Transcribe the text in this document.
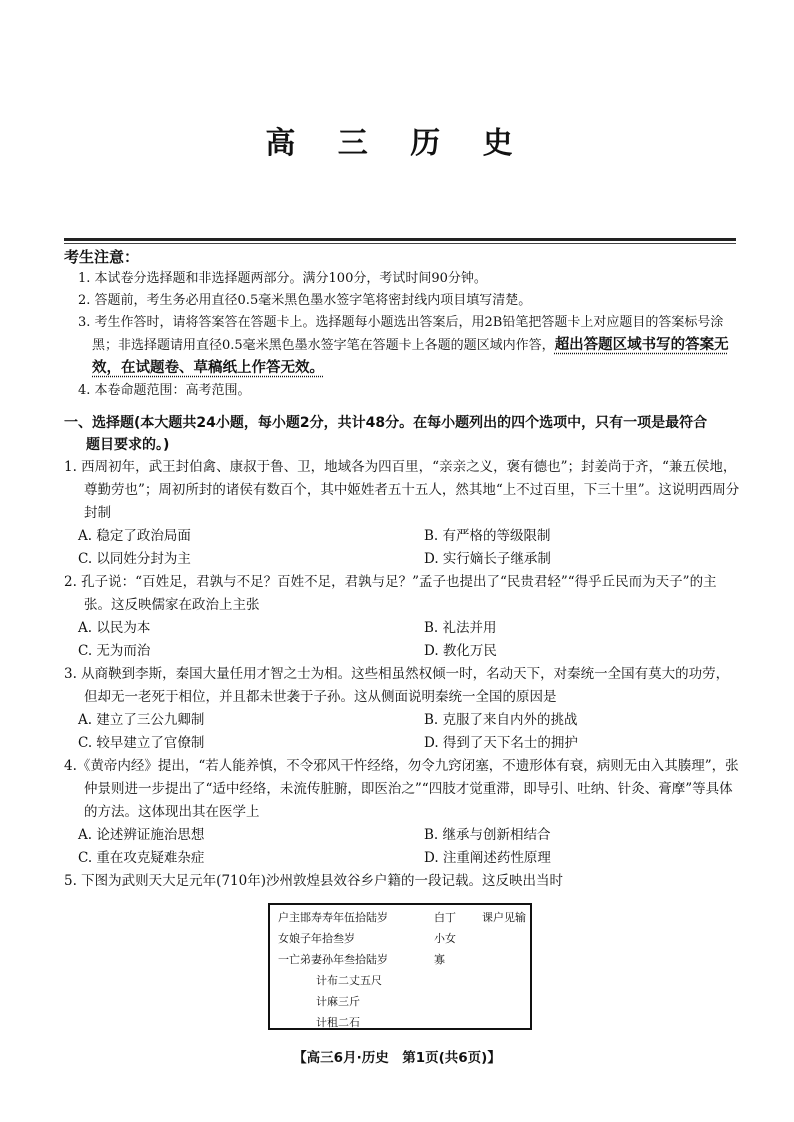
高 三 历 史
考生注意：
1. 本试卷分选择题和非选择题两部分。满分100分，考试时间90分钟。
2. 答题前，考生务必用直径0.5毫米黑色墨水签字笔将密封线内项目填写清楚。
3. 考生作答时，请将答案答在答题卡上。选择题每小题选出答案后，用2B铅笔把答题卡上对应题目的答案标号涂黑；非选择题请用直径0.5毫米黑色墨水签字笔在答题卡上各题的题区域内作答，超出答题区域书写的答案无效，在试题卷、草稿纸上作答无效。
4. 本卷命题范围：高考范围。
一、选择题(本大题共24小题，每小题2分，共计48分。在每小题列出的四个选项中，只有一项是最符合
题目要求的。)
1. 西周初年，武王封伯禽、康叔于鲁、卫，地域各为四百里，“亲亲之义，褒有德也”；封姜尚于齐，“兼五侯地，尊勤劳也”；周初所封的诸侯有数百个，其中姬姓者五十五人，然其地“上不过百里，下三十里”。这说明西周分封制
A. 稳定了政治局面	B. 有严格的等级限制
C. 以同姓分封为主	D. 实行嫡长子继承制
2. 孔子说：“百姓足，君孰与不足？百姓不足，君孰与足？”孟子也提出了“民贵君轻”“得乎丘民而为天子”的主张。这反映儒家在政治上主张
A. 以民为本	B. 礼法并用
C. 无为而治	D. 教化万民
3. 从商鞅到李斯，秦国大量任用才智之士为相。这些相虽然权倾一时，名动天下，对秦统一全国有莫大的功劳，但却无一老死于相位，并且都未世袭于子孙。这从侧面说明秦统一全国的原因是
A. 建立了三公九卿制	B. 克服了来自内外的挑战
C. 较早建立了官僚制	D. 得到了天下名士的拥护
4.《黄帝内经》提出，“若人能养慎，不令邪风干忤经络，勿令九窍闭塞，不遗形体有衰，病则无由入其腠理”，张仲景则进一步提出了“适中经络，未流传脏腑，即医治之”“四肢才觉重滞，即导引、吐纳、针灸、膏摩”等具体的方法。这体现出其在医学上
A. 论述辨证施治思想	B. 继承与创新相结合
C. 重在攻克疑难杂症	D. 注重阐述药性原理
5. 下图为武则天大足元年(710年)沙州敦煌县效谷乡户籍的一段记载。这反映出当时
户主邯寿寿年伍拾陆岁	白丁 课户见输
女娘子年拾叁岁	小女
一亡弟妻孙年叁拾陆岁	寡
计布二丈五尺
计麻三斤
计租二石
【高三6月·历史　第1页(共6页)】
